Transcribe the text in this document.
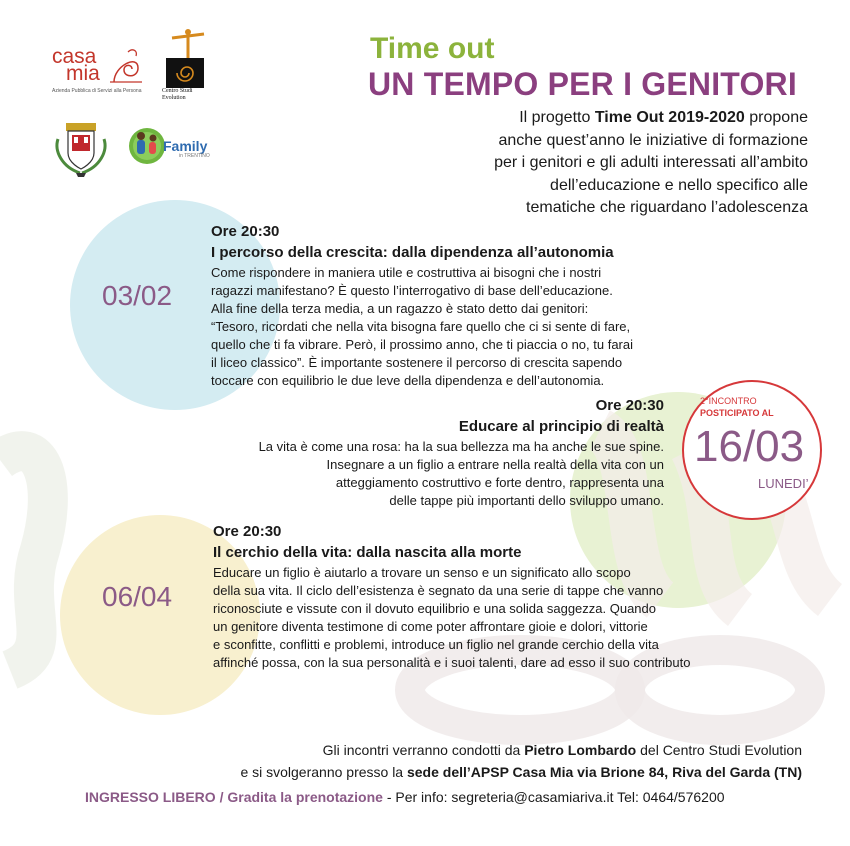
casa
mia
Azienda Pubblica di Servizi alla Persona	Centro Studi Evolution
Family
in TRENTINO
Time out
UN TEMPO PER I GENITORI
Il progetto Time Out 2019-2020 propone
anche quest’anno le iniziative di formazione
per i genitori e gli adulti interessati all’ambito
dell’educazione e nello specifico alle
tematiche che riguardano l’adolescenza
03/02
Ore 20:30
I percorso della crescita: dalla dipendenza all’autonomia
Come rispondere in maniera utile e costruttiva ai bisogni che i nostri
ragazzi manifestano? È questo l’interrogativo di base dell’educazione.
Alla fine della terza media, a un ragazzo è stato detto dai genitori:
“Tesoro, ricordati che nella vita bisogna fare quello che ci si sente di fare,
quello che ti fa vibrare. Però, il prossimo anno, che ti piaccia o no, tu farai
il liceo classico”. È importante sostenere il percorso di crescita sapendo
toccare con equilibrio le due leve della dipendenza e dell’autonomia.
Ore 20:30
Educare al principio di realtà
La vita è come una rosa: ha la sua bellezza ma ha anche le sue spine.
Insegnare a un figlio a entrare nella realtà della vita con un
atteggiamento costruttivo e forte dentro, rappresenta una
delle tappe più importanti dello sviluppo umano.
2°INCONTRO
POSTICIPATO AL
16/03
LUNEDI’
06/04
Ore 20:30
Il cerchio della vita: dalla nascita alla morte
Educare un figlio è aiutarlo a trovare un senso e un significato allo scopo
della sua vita. Il ciclo dell’esistenza è segnato da una serie di tappe che vanno
riconosciute e vissute con il dovuto equilibrio e una solida saggezza. Quando
un genitore diventa testimone di come poter affrontare gioie e dolori, vittorie
e sconfitte, conflitti e problemi, introduce un figlio nel grande cerchio della vita
affinché possa, con la sua personalità e i suoi talenti, dare ad esso il suo contributo
Gli incontri verranno condotti da Pietro Lombardo del Centro Studi Evolution
e si svolgeranno presso la sede dell’APSP Casa Mia via Brione 84, Riva del Garda (TN)
INGRESSO LIBERO / Gradita la prenotazione - Per info: segreteria@casamiariva.it Tel: 0464/576200
